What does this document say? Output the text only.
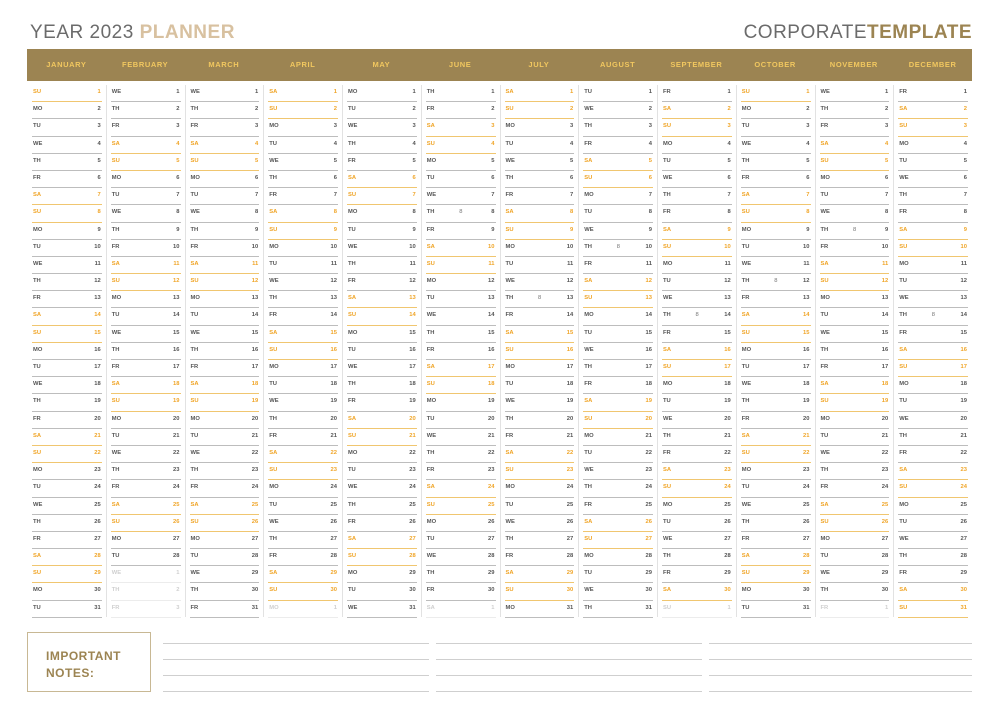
YEAR 2023 PLANNER	CORPORATETEMPLATE
JANUARY
SU	1
MO	2
TU	3
WE	4
TH	5
FR	6
SA	7
SU	8
MO	9
TU	10
WE	11
TH	12
FR	13
SA	14
SU	15
MO	16
TU	17
WE	18
TH	19
FR	20
SA	21
SU	22
MO	23
TU	24
WE	25
TH	26
FR	27
SA	28
SU	29
MO	30
TU	31
FEBRUARY
WE	1
TH	2
FR	3
SA	4
SU	5
MO	6
TU	7
WE	8
TH	9
FR	10
SA	11
SU	12
MO	13
TU	14
WE	15
TH	16
FR	17
SA	18
SU	19
MO	20
TU	21
WE	22
TH	23
FR	24
SA	25
SU	26
MO	27
TU	28
WE	1
TH	2
FR	3
MARCH
WE	1
TH	2
FR	3
SA	4
SU	5
MO	6
TU	7
WE	8
TH	9
FR	10
SA	11
SU	12
MO	13
TU	14
WE	15
TH	16
FR	17
SA	18
SU	19
MO	20
TU	21
WE	22
TH	23
FR	24
SA	25
SU	26
MO	27
TU	28
WE	29
TH	30
FR	31
APRIL
SA	1
SU	2
MO	3
TU	4
WE	5
TH	6
FR	7
SA	8
SU	9
MO	10
TU	11
WE	12
TH	13
FR	14
SA	15
SU	16
MO	17
TU	18
WE	19
TH	20
FR	21
SA	22
SU	23
MO	24
TU	25
WE	26
TH	27
FR	28
SA	29
SU	30
MO	1
MAY
MO	1
TU	2
WE	3
TH	4
FR	5
SA	6
SU	7
MO	8
TU	9
WE	10
TH	11
FR	12
SA	13
SU	14
MO	15
TU	16
WE	17
TH	18
FR	19
SA	20
SU	21
MO	22
TU	23
WE	24
TH	25
FR	26
SA	27
SU	28
MO	29
TU	30
WE	31
JUNE
TH	1
FR	2
SA	3
SU	4
MO	5
TU	6
WE	7
TH	8	8
FR	9
SA	10
SU	11
MO	12
TU	13
WE	14
TH	15
FR	16
SA	17
SU	18
MO	19
TU	20
WE	21
TH	22
FR	23
SA	24
SU	25
MO	26
TU	27
WE	28
TH	29
FR	30
SA	1
JULY
SA	1
SU	2
MO	3
TU	4
WE	5
TH	6
FR	7
SA	8
SU	9
MO	10
TU	11
WE	12
TH	8	13
FR	14
SA	15
SU	16
MO	17
TU	18
WE	19
TH	20
FR	21
SA	22
SU	23
MO	24
TU	25
WE	26
TH	27
FR	28
SA	29
SU	30
MO	31
AUGUST
TU	1
WE	2
TH	3
FR	4
SA	5
SU	6
MO	7
TU	8
WE	9
TH	8	10
FR	11
SA	12
SU	13
MO	14
TU	15
WE	16
TH	17
FR	18
SA	19
SU	20
MO	21
TU	22
WE	23
TH	24
FR	25
SA	26
SU	27
MO	28
TU	29
WE	30
TH	31
SEPTEMBER
FR	1
SA	2
SU	3
MO	4
TU	5
WE	6
TH	7
FR	8
SA	9
SU	10
MO	11
TU	12
WE	13
TH	8	14
FR	15
SA	16
SU	17
MO	18
TU	19
WE	20
TH	21
FR	22
SA	23
SU	24
MO	25
TU	26
WE	27
TH	28
FR	29
SA	30
SU	1
OCTOBER
SU	1
MO	2
TU	3
WE	4
TH	5
FR	6
SA	7
SU	8
MO	9
TU	10
WE	11
TH	8	12
FR	13
SA	14
SU	15
MO	16
TU	17
WE	18
TH	19
FR	20
SA	21
SU	22
MO	23
TU	24
WE	25
TH	26
FR	27
SA	28
SU	29
MO	30
TU	31
NOVEMBER
WE	1
TH	2
FR	3
SA	4
SU	5
MO	6
TU	7
WE	8
TH	8	9
FR	10
SA	11
SU	12
MO	13
TU	14
WE	15
TH	16
FR	17
SA	18
SU	19
MO	20
TU	21
WE	22
TH	23
FR	24
SA	25
SU	26
MO	27
TU	28
WE	29
TH	30
FR	1
DECEMBER
FR	1
SA	2
SU	3
MO	4
TU	5
WE	6
TH	7
FR	8
SA	9
SU	10
MO	11
TU	12
WE	13
TH	8	14
FR	15
SA	16
SU	17
MO	18
TU	19
WE	20
TH	21
FR	22
SA	23
SU	24
MO	25
TU	26
WE	27
TH	28
FR	29
SA	30
SU	31
IMPORTANT
NOTES:
